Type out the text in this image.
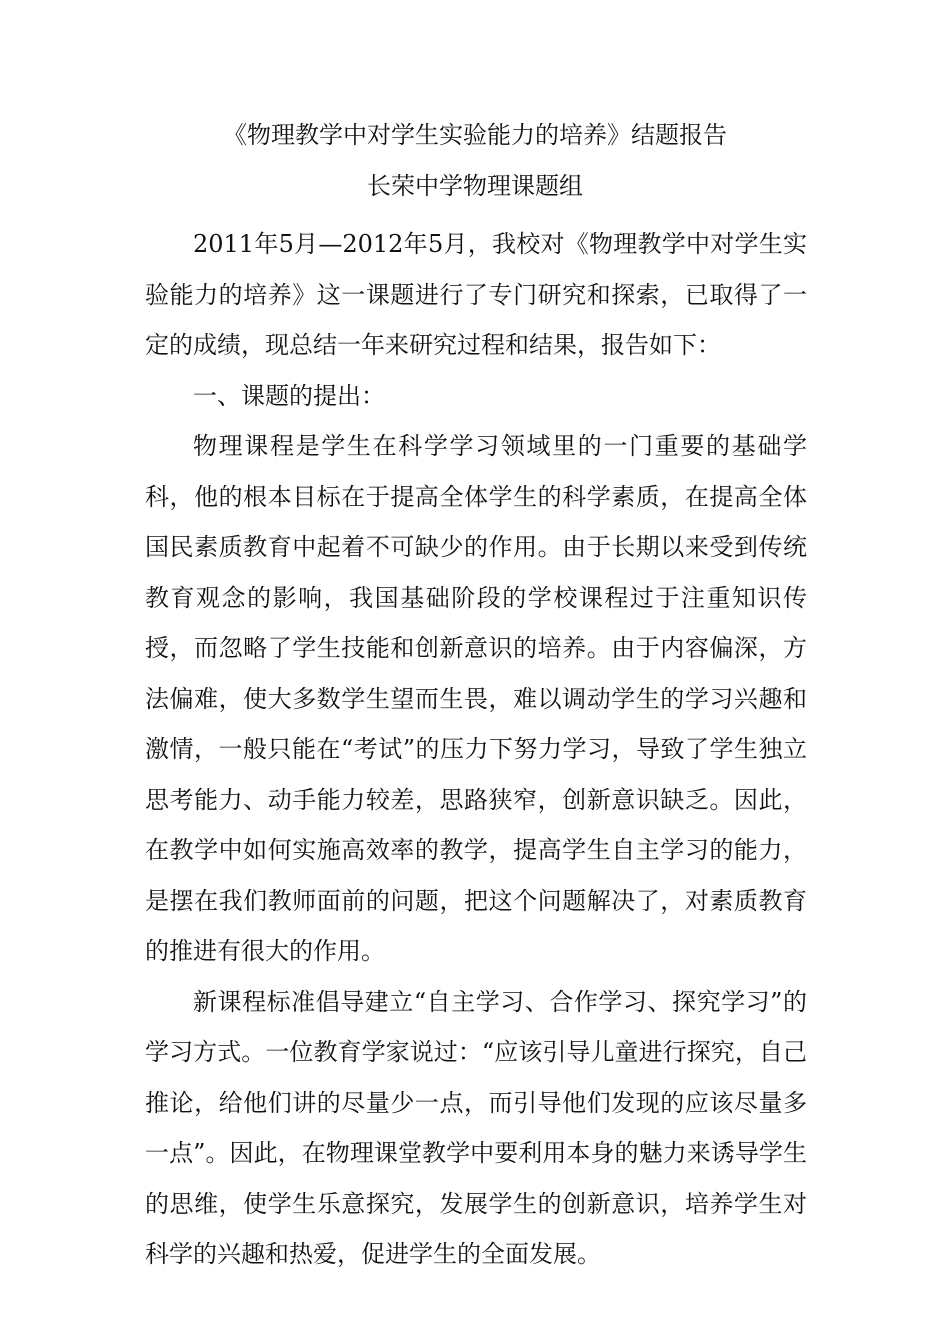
《物理教学中对学生实验能力的培养》结题报告
长荣中学物理课题组

2011年5月—2012年5月，我校对《物理教学中对学生实验能力的培养》这一课题进行了专门研究和探索，已取得了一定的成绩，现总结一年来研究过程和结果，报告如下：

一、课题的提出：

物理课程是学生在科学学习领域里的一门重要的基础学科，他的根本目标在于提高全体学生的科学素质，在提高全体国民素质教育中起着不可缺少的作用。由于长期以来受到传统教育观念的影响，我国基础阶段的学校课程过于注重知识传授，而忽略了学生技能和创新意识的培养。由于内容偏深，方法偏难，使大多数学生望而生畏，难以调动学生的学习兴趣和激情，一般只能在“考试”的压力下努力学习，导致了学生独立思考能力、动手能力较差，思路狭窄，创新意识缺乏。因此，在教学中如何实施高效率的教学，提高学生自主学习的能力，是摆在我们教师面前的问题，把这个问题解决了，对素质教育的推进有很大的作用。

新课程标准倡导建立“自主学习、合作学习、探究学习”的学习方式。一位教育学家说过：“应该引导儿童进行探究，自己推论，给他们讲的尽量少一点，而引导他们发现的应该尽量多一点”。因此，在物理课堂教学中要利用本身的魅力来诱导学生的思维，使学生乐意探究，发展学生的创新意识，培养学生对科学的兴趣和热爱，促进学生的全面发展。
